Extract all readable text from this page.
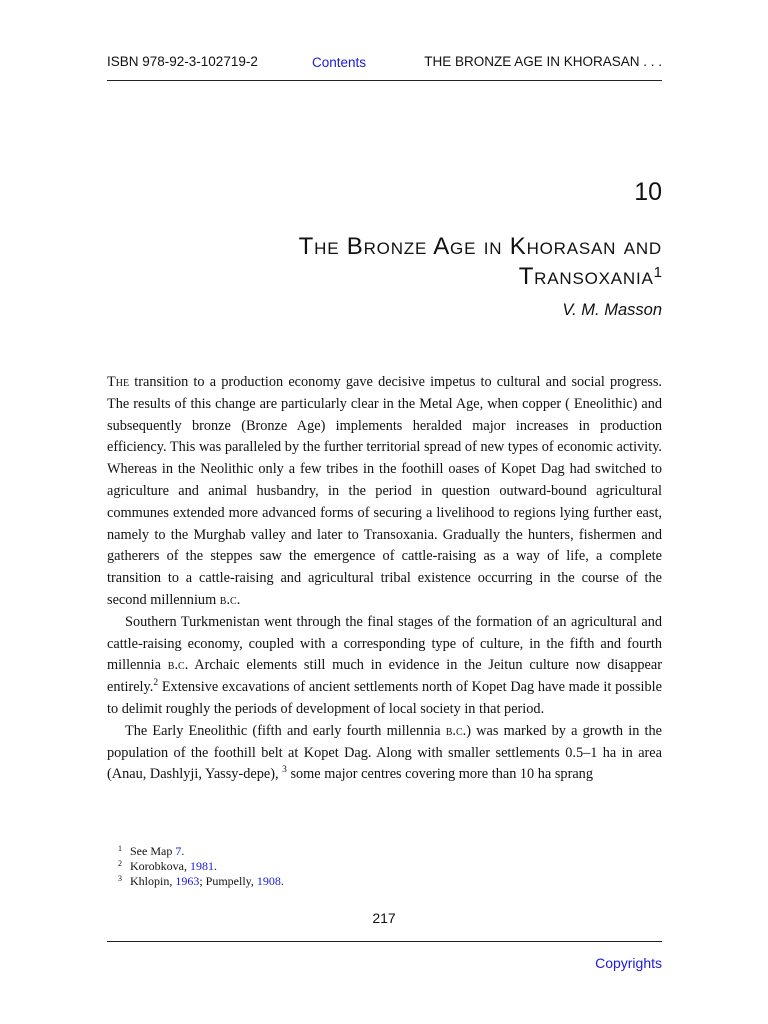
ISBN 978-92-3-102719-2	Contents	THE BRONZE AGE IN KHORASAN . . .
10
The Bronze Age in Khorasan and
Transoxania$^1$
V. M. Masson

The transition to a production economy gave decisive impetus to cultural and social progress. The results of this change are particularly clear in the Metal Age, when copper ( Eneolithic) and subsequently bronze (Bronze Age) implements heralded major increases in production efficiency. This was paralleled by the further territorial spread of new types of economic activity. Whereas in the Neolithic only a few tribes in the foothill oases of Kopet Dag had switched to agriculture and animal husbandry, in the period in question outward-bound agricultural communes extended more advanced forms of securing a livelihood to regions lying further east, namely to the Murghab valley and later to Transoxania. Gradually the hunters, fishermen and gatherers of the steppes saw the emergence of cattle-raising as a way of life, a complete transition to a cattle-raising and agricultural tribal existence occurring in the course of the second millennium b.c.

Southern Turkmenistan went through the final stages of the formation of an agricultural and cattle-raising economy, coupled with a corresponding type of culture, in the fifth and fourth millennia b.c. Archaic elements still much in evidence in the Jeitun culture now disappear entirely.$^2$ Extensive excavations of ancient settlements north of Kopet Dag have made it possible to delimit roughly the periods of development of local society in that period.

The Early Eneolithic (fifth and early fourth millennia b.c.) was marked by a growth in the population of the foothill belt at Kopet Dag. Along with smaller settlements 0.5–1 ha in area (Anau, Dashlyji, Yassy-depe), $^3$ some major centres covering more than 10 ha sprang

1 See Map 7.
2 Korobkova, 1981.
3 Khlopin, 1963; Pumpelly, 1908.
217
Copyrights
